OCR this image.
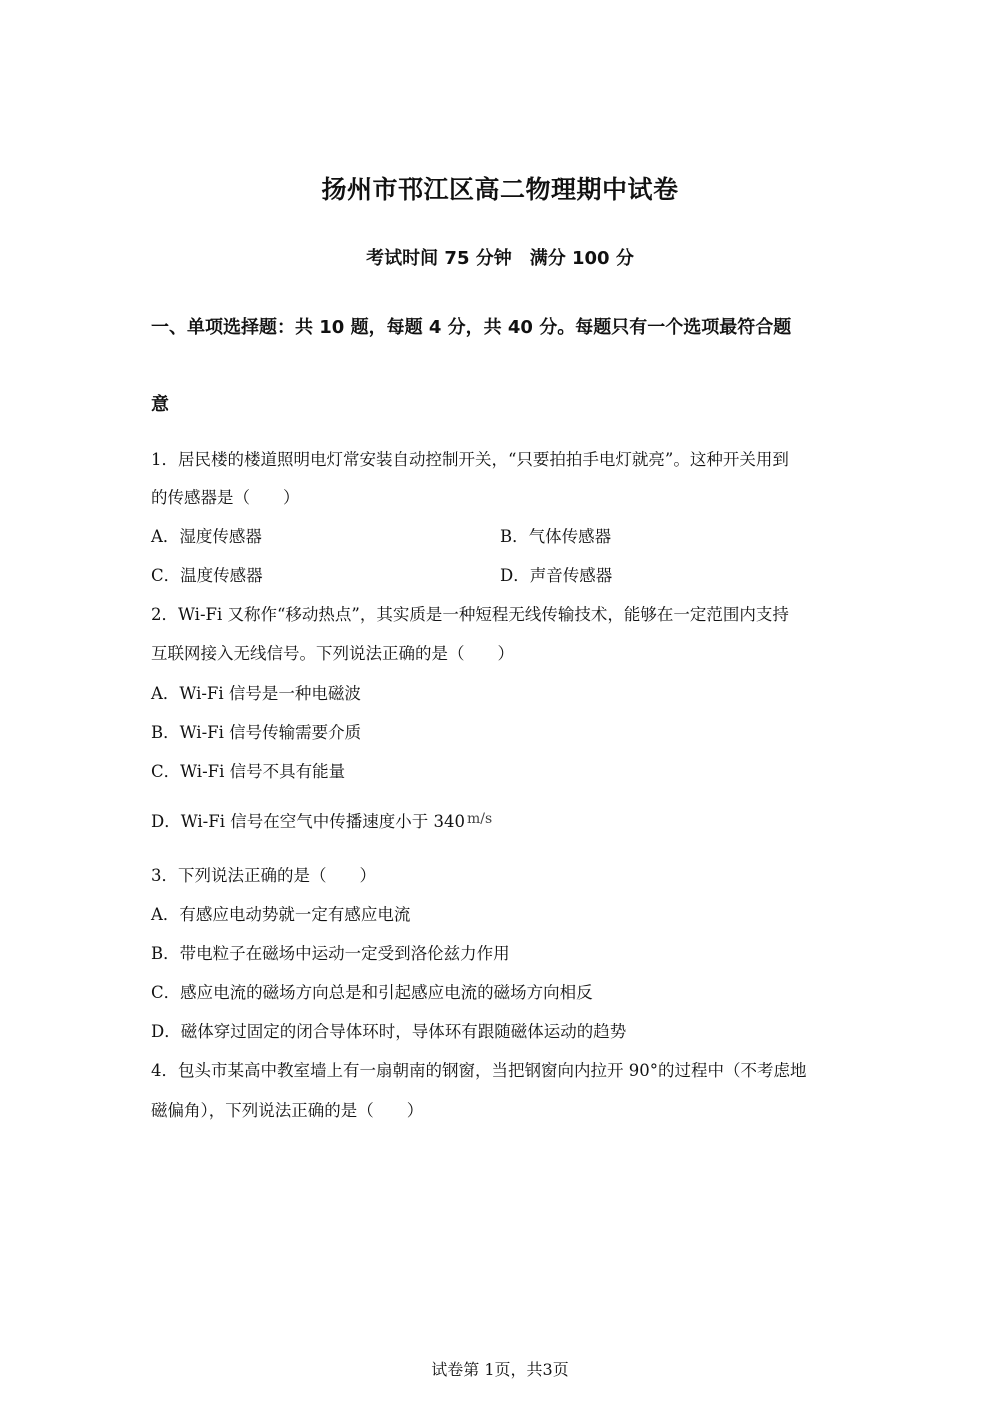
扬州市邗江区高二物理期中试卷
考试时间 75 分钟　满分 100 分
一、单项选择题：共 10 题，每题 4 分，共 40 分。每题只有一个选项最符合题
意
1．居民楼的楼道照明电灯常安装自动控制开关，“只要拍拍手电灯就亮”。这种开关用到
的传感器是（　　）
A．湿度传感器	B．气体传感器
C．温度传感器	D．声音传感器
2．Wi-Fi 又称作“移动热点”，其实质是一种短程无线传输技术，能够在一定范围内支持
互联网接入无线信号。下列说法正确的是（　　）
A．Wi-Fi 信号是一种电磁波
B．Wi-Fi 信号传输需要介质
C．Wi-Fi 信号不具有能量
D．Wi-Fi 信号在空气中传播速度小于 340 $^{m/s}$
3．下列说法正确的是（　　）
A．有感应电动势就一定有感应电流
B．带电粒子在磁场中运动一定受到洛伦兹力作用
C．感应电流的磁场方向总是和引起感应电流的磁场方向相反
D．磁体穿过固定的闭合导体环时，导体环有跟随磁体运动的趋势
4．包头市某高中教室墙上有一扇朝南的钢窗，当把钢窗向内拉开 90°的过程中（不考虑地
磁偏角），下列说法正确的是（　　）
试卷第 1页，共3页
